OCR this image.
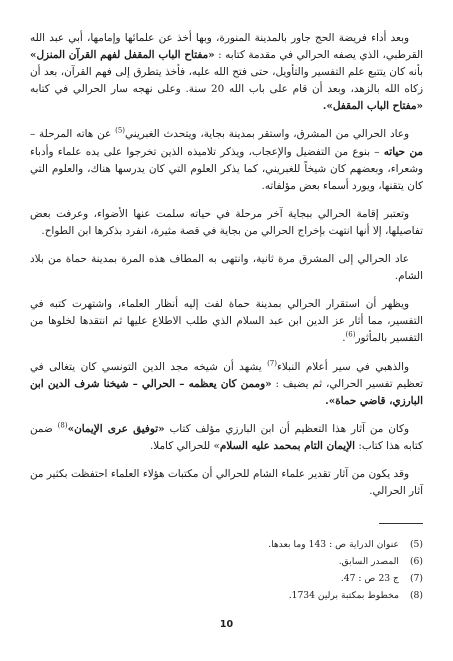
وبعد أداء فريضة الحج جاور بالمدينة المنورة، وبها أخذ عن علمائها وإمامها، أبي عبد الله القرطبي، الذي يصفه الحرالي في مقدمة كتابه : «مفتاح الباب المقفل لفهم القرآن المنزل» بأنه كان يتتبع علم التفسير والتأويل، حتى فتح الله عليه، فأخذ يتطرق إلى فهم القرآن، بعد أن زكاه الله بالزهد، وبعد أن قام على باب الله 20 سنة. وعلى نهجه سار الحرالي في كتابه «مفتاح الباب المقفل».

وعاد الحرالي من المشرق، واستقر بمدينة بجاية، ويتحدث الغبريني$^{(5)}$ عن هاته المرحلة – من حياته – بنوع من التفضيل والإعجاب، ويذكر تلاميذه الذين تخرجوا على يده علماء وأدباء وشعراء، وبعضهم كان شيخاً للغبريني، كما يذكر العلوم التي كان يدرسها هناك، والعلوم التي كان يتقنها، ويورد أسماء بعض مؤلفاته.

وتعتبر إقامة الحرالي ببجاية آخر مرحلة في حياته سلمت عنها الأضواء، وعرفت بعض تفاصيلها، إلا أنها انتهت بإخراج الحرالي من بجاية في قصة مثيرة، انفرد بذكرها ابن الطواح.

عاد الحرالي إلى المشرق مرة ثانية، وانتهى به المطاف هذه المرة بمدينة حماة من بلاد الشام.

ويظهر أن استقرار الحرالي بمدينة حماة لفت إليه أنظار العلماء، واشتهرت كتبه في التفسير، مما أثار عز الدين ابن عبد السلام الذي طلب الاطلاع عليها ثم انتقدها لخلوها من التفسير بالمأثور$^{(6)}$.

والذهبي في سير أعلام النبلاء$^{(7)}$ يشهد أن شيخه مجد الدين التونسي كان يتغالى في تعظيم تفسير الحرالي، ثم يضيف : «وممن كان يعظمه – الحرالي – شيخنا شرف الدين ابن البارزي، قاضي حماة».

وكان من آثار هذا التعظيم أن ابن البارزي مؤلف كتاب «توفيق عرى الإيمان»$^{(8)}$ ضمن كتابه هذا كتاب: الإيمان التام بمحمد عليه السلام» للحرالي كاملا.

وقد يكون من آثار تقدير علماء الشام للحرالي أن مكتبات هؤلاء العلماء احتفظت بكثير من آثار الحرالي.

(5)
عنوان الدراية ص : 143 وما بعدها.
(6)
المصدر السابق.
(7)
ج 23 ص : 47.
(8)
مخطوط بمكتبة برلين 1734.
10
